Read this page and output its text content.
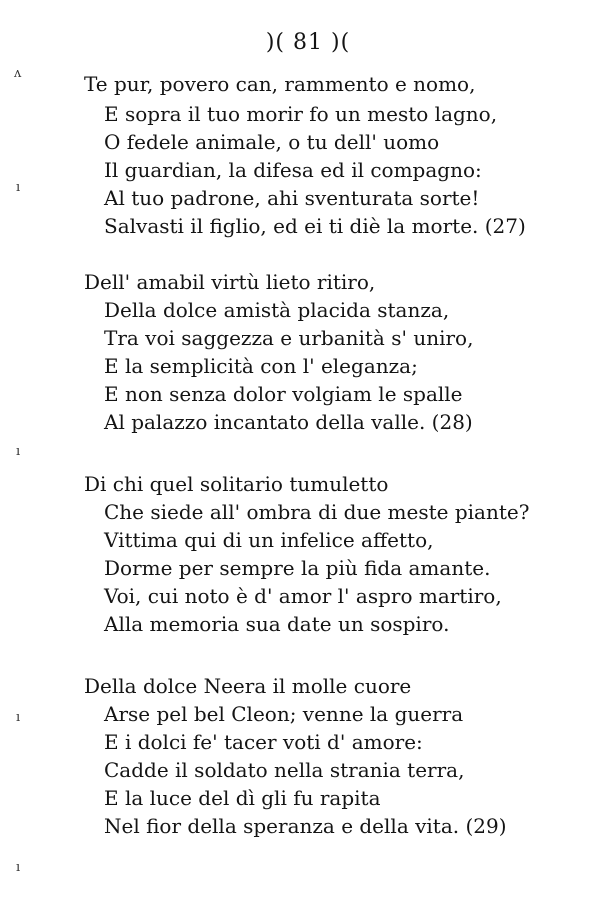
)( 81 )(
ʌ
ı
ı
ı
ı
Te pur, povero can, rammento e nomo,
E sopra il tuo morir fo un mesto lagno,
O fedele animale, o tu dell' uomo
Il guardian, la difesa ed il compagno:
Al tuo padrone, ahi sventurata sorte!
Salvasti il figlio, ed ei ti diè la morte. (27)
Dell' amabil virtù lieto ritiro,
Della dolce amistà placida stanza,
Tra voi saggezza e urbanità s' uniro,
E la semplicità con l' eleganza;
E non senza dolor volgiam le spalle
Al palazzo incantato della valle. (28)
Di chi quel solitario tumuletto
Che siede all' ombra di due meste piante?
Vittima qui di un infelice affetto,
Dorme per sempre la più fida amante.
Voi, cui noto è d' amor l' aspro martiro,
Alla memoria sua date un sospiro.
Della dolce Neera il molle cuore
Arse pel bel Cleon; venne la guerra
E i dolci fe' tacer voti d' amore:
Cadde il soldato nella strania terra,
E la luce del dì gli fu rapita
Nel fior della speranza e della vita. (29)
